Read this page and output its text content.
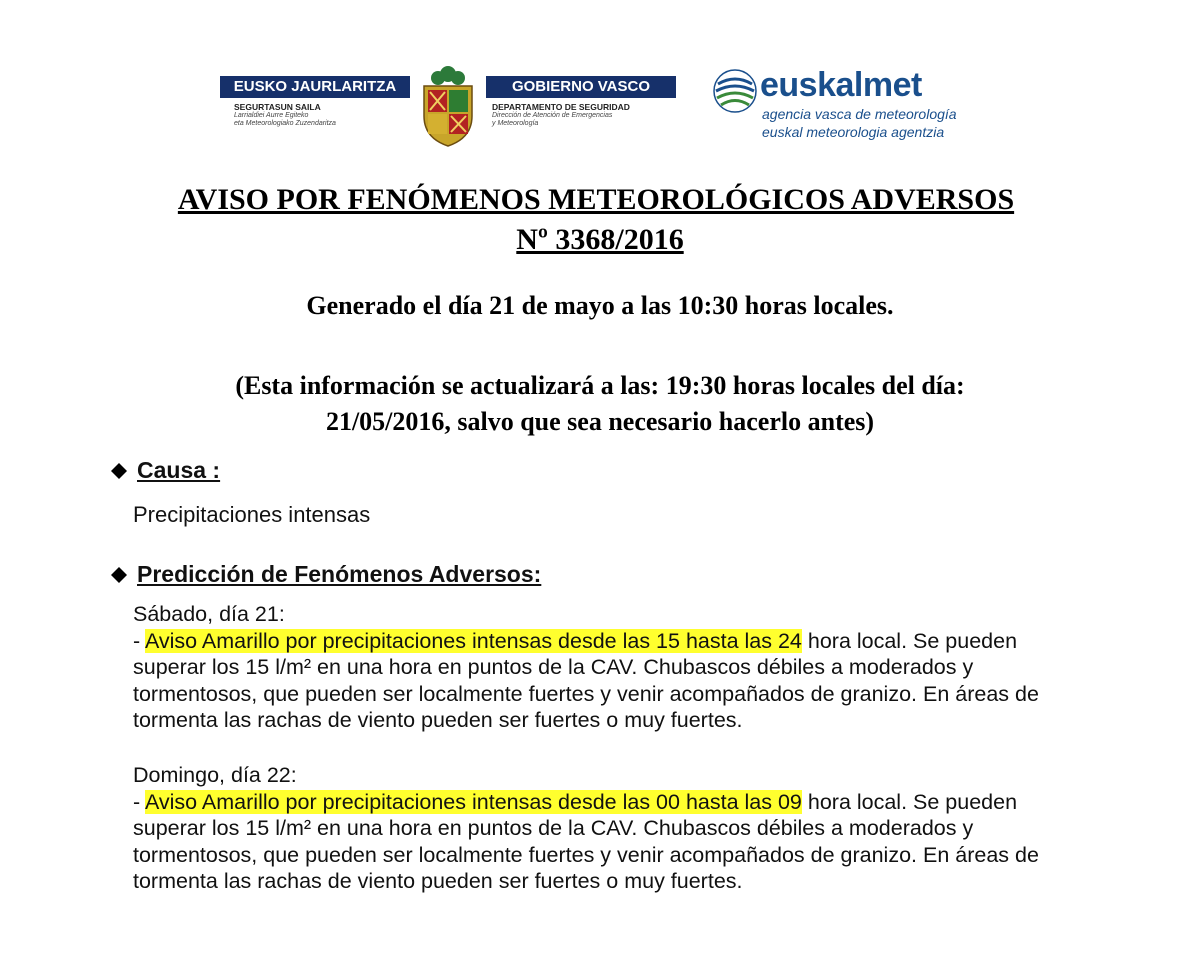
EUSKO JAURLARITZA	GOBIERNO VASCO
SEGURTASUN SAILA
Larrialdiei Aurre Egiteko
eta Meteorologiako Zuzendaritza
DEPARTAMENTO DE SEGURIDAD
Dirección de Atención de Emergencias
y Meteorología
euskalmet
agencia vasca de meteorología
euskal meteorologia agentzia
AVISO POR FENÓMENOS METEOROLÓGICOS ADVERSOS
Nº 3368/2016
Generado el día 21 de mayo a las 10:30 horas locales.
(Esta información se actualizará a las: 19:30 horas locales del día:
21/05/2016, salvo que sea necesario hacerlo antes)
Causa :
Precipitaciones intensas
Predicción de Fenómenos Adversos:
Sábado, día 21:
- Aviso Amarillo por precipitaciones intensas desde las 15 hasta las 24 hora local. Se pueden superar los 15 l/m² en una hora en puntos de la CAV. Chubascos débiles a moderados y tormentosos, que pueden ser localmente fuertes y venir acompañados de granizo. En áreas de tormenta las rachas de viento pueden ser fuertes o muy fuertes.
Domingo, día 22:
- Aviso Amarillo por precipitaciones intensas desde las 00 hasta las 09 hora local. Se pueden superar los 15 l/m² en una hora en puntos de la CAV. Chubascos débiles a moderados y tormentosos, que pueden ser localmente fuertes y venir acompañados de granizo. En áreas de tormenta las rachas de viento pueden ser fuertes o muy fuertes.
